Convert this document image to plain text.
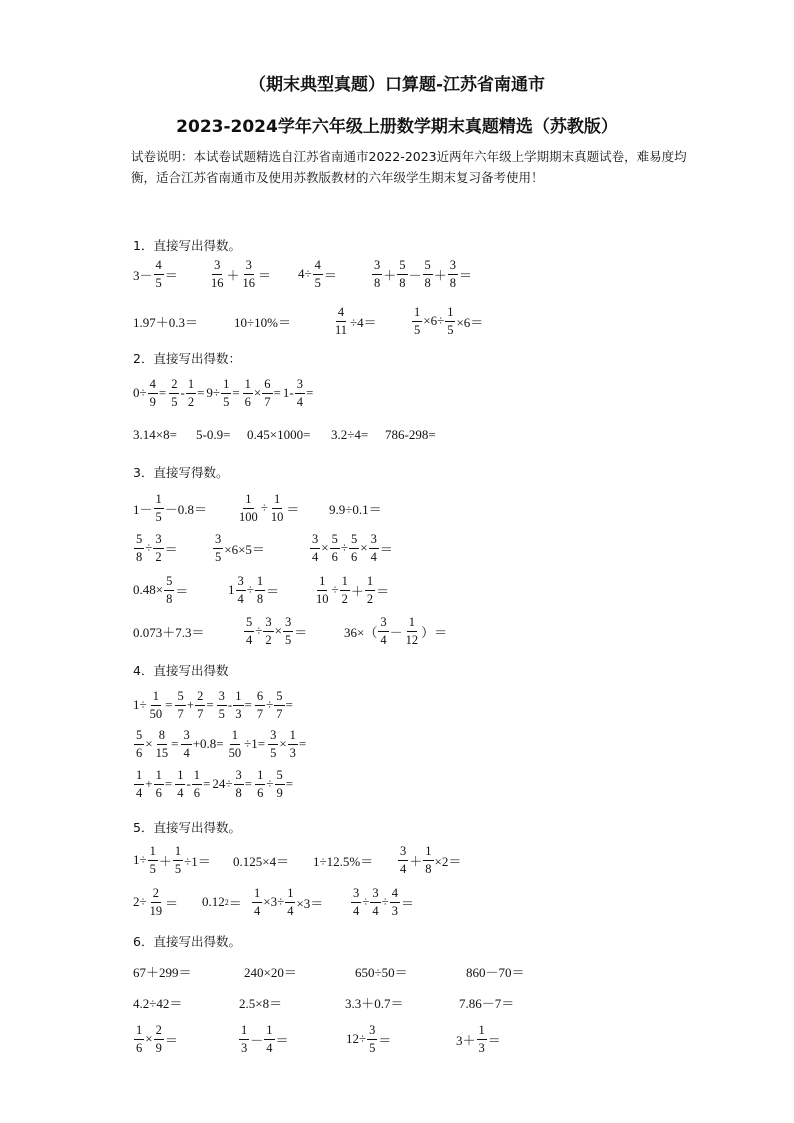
（期末典型真题）口算题-江苏省南通市
2023-2024学年六年级上册数学期末真题精选（苏教版）
试卷说明：本试卷试题精选自江苏省南通市2022-2023近两年六年级上学期期末真题试卷，难易度均衡，适合江苏省南通市及使用苏教版教材的六年级学生期末复习备考使用！
1．直接写出得数。
$3- \frac{4}{5} = \frac{3}{16} + \frac{3}{16} = 4\div \frac{4}{5}$ ＝	$\frac{3}{8} + \frac{5}{8} - \frac{5}{8} + \frac{3}{8}$ ＝
1.97＋0.3＝	10÷10%＝	$\frac{4}{11} \div 4=$	$\frac{1}{5} \times 6\div \frac{1}{5} \times 6=$
2．直接写出得数：
$0\div \frac{4}{9} = \frac{2}{5} - \frac{1}{2} = 9\div \frac{1}{5} = \frac{1}{6} \times \frac{6}{7} = 1- \frac{3}{4}$ =
3.14×8= 5-0.9= 0.45×1000= 3.2÷4= 786-298=
3．直接写得数。
$1- \frac{1}{5} -0.8= \frac{1}{100} \div \frac{1}{10} = 9.9\div 0.1=$
$\frac{5}{8} \div \frac{3}{2}$ ＝	$\frac{3}{5} \times 6\times 5=$	$\frac{3}{4} \times \frac{5}{6} \div \frac{5}{6} \times \frac{3}{4}$ ＝
$0.48\times \frac{5}{8}$ ＝	$1 \frac{3}{4} \div \frac{1}{8}$ ＝	$\frac{1}{10} \div \frac{1}{2} + \frac{1}{2}$ ＝
0.073＋7.3＝	$\frac{5}{4} \div \frac{3}{2} \times \frac{3}{5}$ ＝	$36\times( \frac{3}{4} - \frac{1}{12}$ ）＝
4．直接写出得数
$1\div \frac{1}{50} = \frac{5}{7} + \frac{2}{7} = \frac{3}{5} - \frac{1}{3} = \frac{6}{7} \div \frac{5}{7}$ =
$\frac{5}{6} \times \frac{8}{15} = \frac{3}{4} +0.8= \frac{1}{50} \div 1= \frac{3}{5} \times \frac{1}{3}$ =
$\frac{1}{4} + \frac{1}{6} = \frac{1}{4} - \frac{1}{6} = 24\div \frac{3}{8} = \frac{1}{6} \div \frac{5}{9}$ =
5．直接写出得数。
$1\div \frac{1}{5} + \frac{1}{5} \div 1= 0.125\times 4= 1\div 12.5\%= \frac{3}{4} + \frac{1}{8} \times 2=$
$2\div \frac{2}{19} = 0.12$ $2 = \frac{1}{4} \times 3\div \frac{1}{4} \times 3= \frac{3}{4} \div \frac{3}{4} \div \frac{4}{3}$ ＝
6．直接写出得数。
67＋299＝	240×20＝	650÷50＝	860－70＝
4.2÷42＝	2.5×8＝	3.3＋0.7＝	7.86－7＝
$\frac{1}{6} \times \frac{2}{9}$ ＝	$\frac{1}{3} - \frac{1}{4}$ ＝	$12\div \frac{3}{5}$ ＝	$3+ \frac{1}{3}$ ＝
